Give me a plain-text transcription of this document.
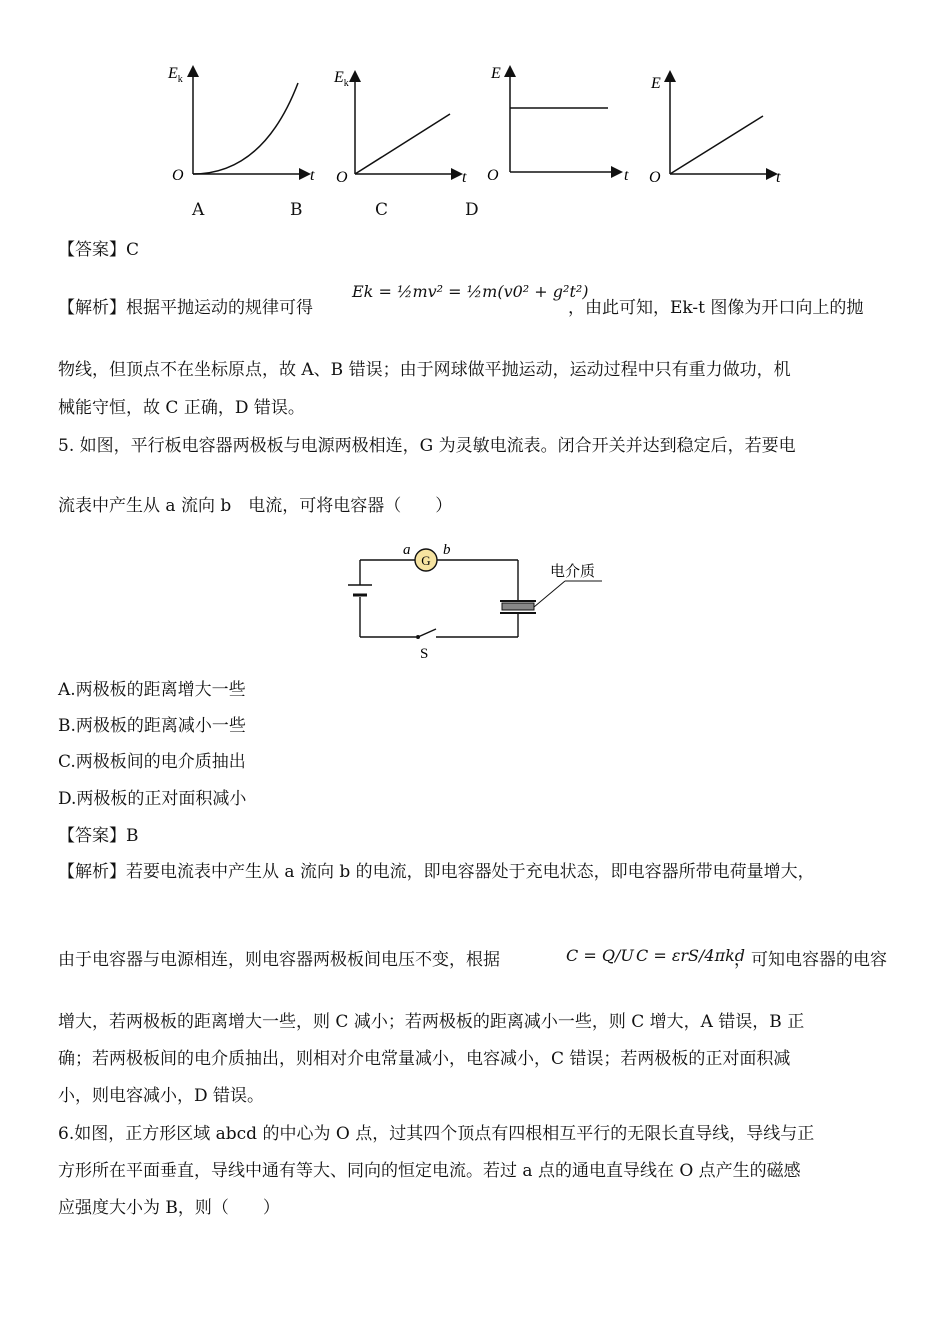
$E_k$
O	t
$E_k$
O	t
E
O	t
E
O	t
A	B	C	D
【答案】C
【解析】根据平抛运动的规律可得
Ek = ½mv² = ½m(v0² + g²t²)
，由此可知，Ek-t 图像为开口向上的抛
物线，但顶点不在坐标原点，故 A、B 错误；由于网球做平抛运动，运动过程中只有重力做功，机
械能守恒，故 C 正确，D 错误。
5. 如图，平行板电容器两极板与电源两极相连，G 为灵敏电流表。闭合开关并达到稳定后，若要电
流表中产生从 a 流向 b　电流，可将电容器（　　）
G
a b
S
电介质
A.两极板的距离增大一些
B.两极板的距离减小一些
C.两极板间的电介质抽出
D.两极板的正对面积减小
【答案】B
【解析】若要电流表中产生从 a 流向 b 的电流，即电容器处于充电状态，即电容器所带电荷量增大，
由于电容器与电源相连，则电容器两极板间电压不变，根据	C = Q/U C = εrS/4πkd
，可知电容器的电容
增大，若两极板的距离增大一些，则 C 减小；若两极板的距离减小一些，则 C 增大，A 错误，B 正
确；若两极板间的电介质抽出，则相对介电常量减小，电容减小，C 错误；若两极板的正对面积减
小，则电容减小，D 错误。
6.如图，正方形区域 abcd 的中心为 O 点，过其四个顶点有四根相互平行的无限长直导线，导线与正
方形所在平面垂直，导线中通有等大、同向的恒定电流。若过 a 点的通电直导线在 O 点产生的磁感
应强度大小为 B，则（　　）
